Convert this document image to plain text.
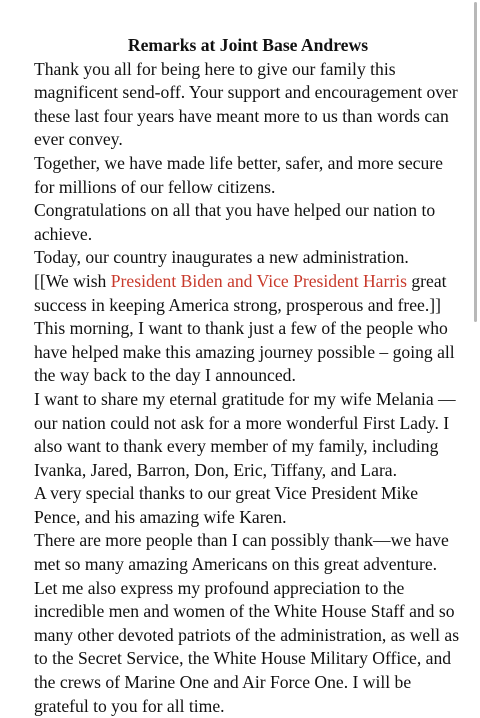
Remarks at Joint Base Andrews

Thank you all for being here to give our family this magnificent send-off. Your support and encouragement over these last four years have meant more to us than words can ever convey.

Together, we have made life better, safer, and more secure for millions of our fellow citizens.

Congratulations on all that you have helped our nation to achieve.

Today, our country inaugurates a new administration.

[[We wish President Biden and Vice President Harris great success in keeping America strong, prosperous and free.]]

This morning, I want to thank just a few of the people who have helped make this amazing journey possible – going all the way back to the day I announced.

I want to share my eternal gratitude for my wife Melania —our nation could not ask for a more wonderful First Lady. I also want to thank every member of my family, including Ivanka, Jared, Barron, Don, Eric, Tiffany, and Lara.

A very special thanks to our great Vice President Mike Pence, and his amazing wife Karen.

There are more people than I can possibly thank—we have met so many amazing Americans on this great adventure. Let me also express my profound appreciation to the incredible men and women of the White House Staff and so many other devoted patriots of the administration, as well as to the Secret Service, the White House Military Office, and the crews of Marine One and Air Force One. I will be grateful to you for all time.
